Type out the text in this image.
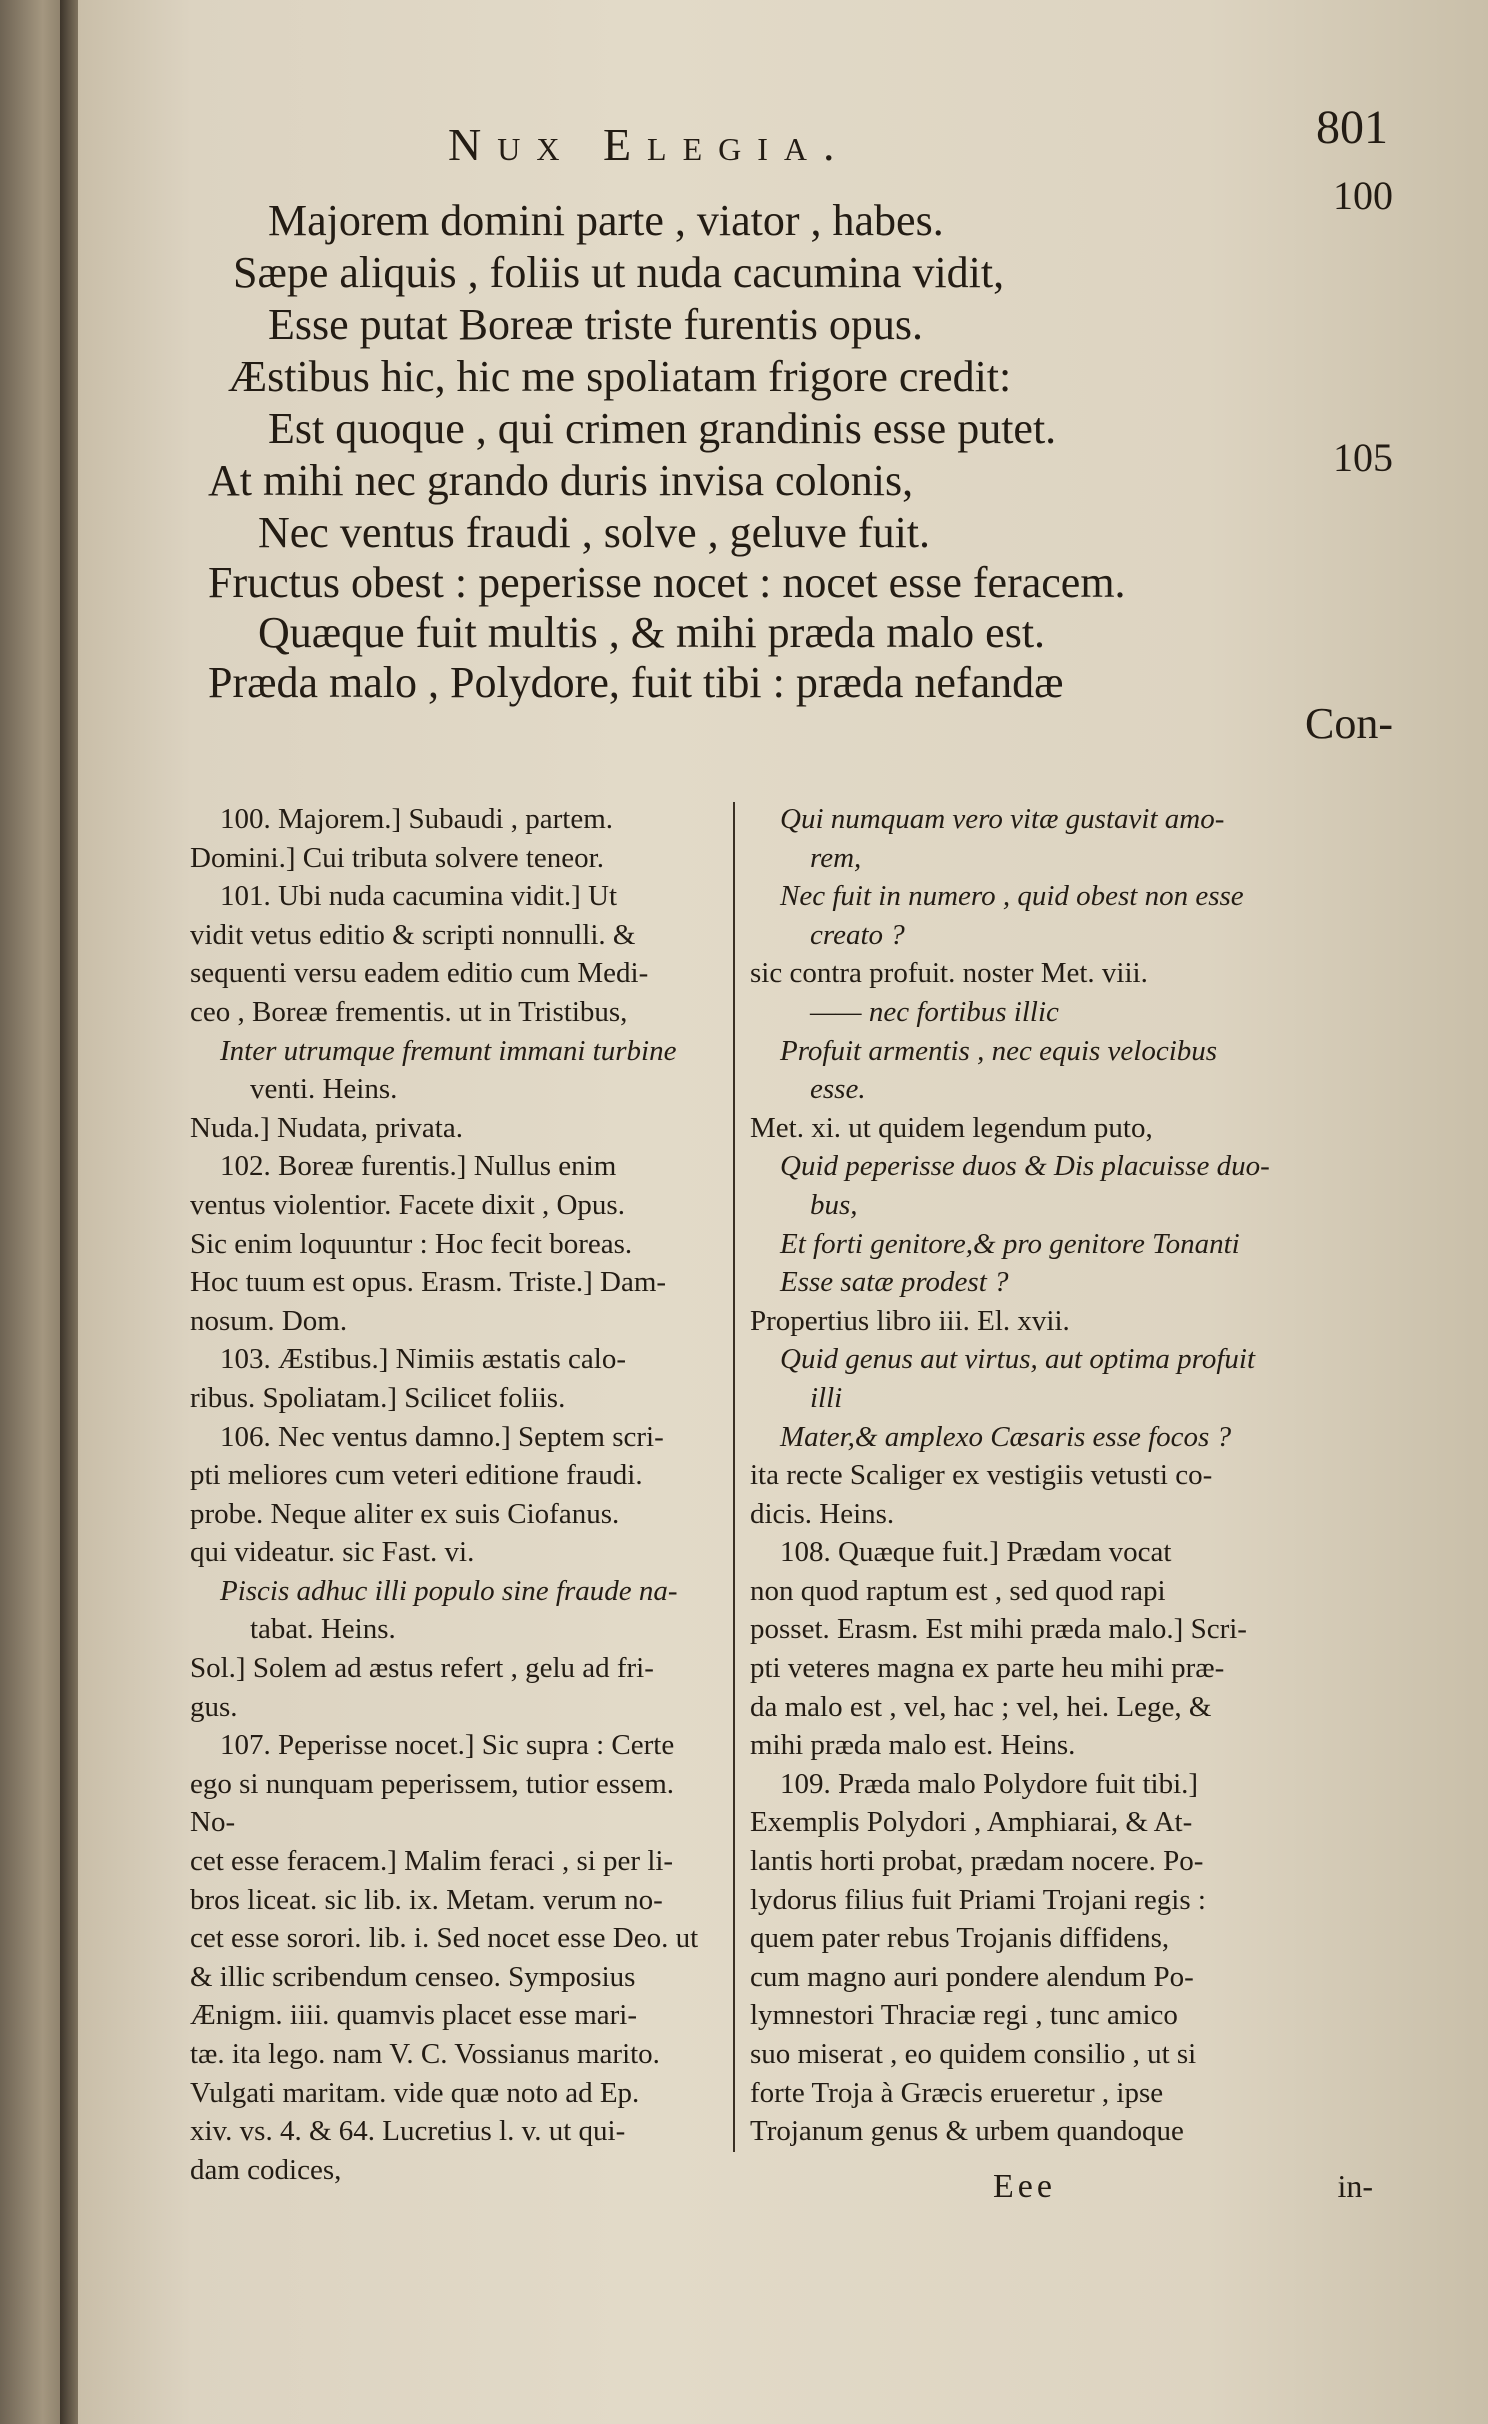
Nux Elegia.	801
Majorem domini parte , viator , habes.
100
Sæpe aliquis , foliis ut nuda cacumina vidit,
Esse putat Boreæ triste furentis opus.
Æstibus hic, hic me spoliatam frigore credit:
Est quoque , qui crimen grandinis esse putet.
At mihi nec grando duris invisa colonis,	105
Nec ventus fraudi , solve , geluve fuit.
Fructus obest : peperisse nocet : nocet esse feracem.
Quæque fuit multis , & mihi præda malo est.
Præda malo , Polydore, fuit tibi : præda nefandæ
Con-

100. Majorem.] Subaudi , partem.

Domini.] Cui tributa solvere teneor.

101. Ubi nuda cacumina vidit.] Ut

vidit vetus editio & scripti nonnulli. &

sequenti versu eadem editio cum Medi-

ceo , Boreæ frementis. ut in Tristibus,

Inter utrumque fremunt immani turbine

venti. Heins.

Nuda.] Nudata, privata.

102. Boreæ furentis.] Nullus enim

ventus violentior. Facete dixit , Opus.

Sic enim loquuntur : Hoc fecit boreas.

Hoc tuum est opus. Erasm. Triste.] Dam-

nosum. Dom.

103. Æstibus.] Nimiis æstatis calo-

ribus. Spoliatam.] Scilicet foliis.

106. Nec ventus damno.] Septem scri-

pti meliores cum veteri editione fraudi.

probe. Neque aliter ex suis Ciofanus.

qui videatur. sic Fast. vi.

Piscis adhuc illi populo sine fraude na-

tabat. Heins.

Sol.] Solem ad æstus refert , gelu ad fri-

gus.

107. Peperisse nocet.] Sic supra : Certe

ego si nunquam peperissem, tutior essem. No-

cet esse feracem.] Malim feraci , si per li-

bros liceat. sic lib. ix. Metam. verum no-

cet esse sorori. lib. i. Sed nocet esse Deo. ut

& illic scribendum censeo. Symposius

Ænigm. iiii. quamvis placet esse mari-

tæ. ita lego. nam V. C. Vossianus marito.

Vulgati maritam. vide quæ noto ad Ep.

xiv. vs. 4. & 64. Lucretius l. v. ut qui-

dam codices,

Qui numquam vero vitæ gustavit amo-

rem,

Nec fuit in numero , quid obest non esse

creato ?

sic contra profuit. noster Met. viii.

—— nec fortibus illic

Profuit armentis , nec equis velocibus

esse.

Met. xi. ut quidem legendum puto,

Quid peperisse duos & Dis placuisse duo-

bus,

Et forti genitore,& pro genitore Tonanti

Esse satæ prodest ?

Propertius libro iii. El. xvii.

Quid genus aut virtus, aut optima profuit

illi

Mater,& amplexo Cæsaris esse focos ?

ita recte Scaliger ex vestigiis vetusti co-

dicis. Heins.

108. Quæque fuit.] Prædam vocat

non quod raptum est , sed quod rapi

posset. Erasm. Est mihi præda malo.] Scri-

pti veteres magna ex parte heu mihi præ-

da malo est , vel, hac ; vel, hei. Lege, &

mihi præda malo est. Heins.

109. Præda malo Polydore fuit tibi.]

Exemplis Polydori , Amphiarai, & At-

lantis horti probat, prædam nocere. Po-

lydorus filius fuit Priami Trojani regis :

quem pater rebus Trojanis diffidens,

cum magno auri pondere alendum Po-

lymnestori Thraciæ regi , tunc amico

suo miserat , eo quidem consilio , ut si

forte Troja à Græcis erueretur , ipse

Trojanum genus & urbem quandoque

Eee	in-
